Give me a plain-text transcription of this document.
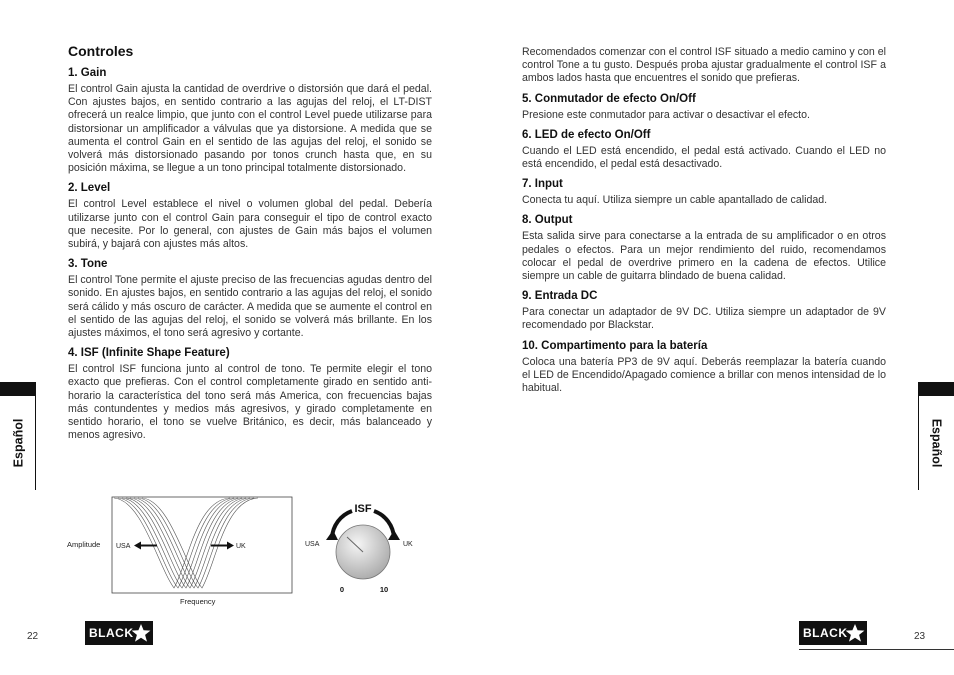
Controles
1. Gain

El control Gain ajusta la cantidad de overdrive o distorsión que dará el pedal. Con ajustes bajos, en sentido contrario a las agujas del reloj, el LT-DIST ofrecerá un realce limpio, que junto con el control Level puede utilizarse para distorsionar un amplificador a válvulas que ya distorsione. A medida que se aumenta el control Gain en el sentido de las agujas del reloj, el sonido se volverá más distorsionado pasando por tonos crunch hasta que, en su posición máxima, se llegue a un tono principal totalmente distorsionado.

2. Level

El control Level establece el nivel o volumen global del pedal. Debería utilizarse junto con el control Gain para conseguir el tipo de control exacto que necesite. Por lo general, con ajustes de Gain más bajos el volumen subirá, y bajará con ajustes más altos.

3. Tone

El control Tone permite el ajuste preciso de las frecuencias agudas dentro del sonido. En ajustes bajos, en sentido contrario a las agujas del reloj, el sonido será cálido y más oscuro de carácter. A medida que se aumente el control en el sentido de las agujas del reloj, el sonido se volverá más brillante. En los ajustes máximos, el tono será agresivo y cortante.

4. ISF (Infinite Shape Feature)

El control ISF funciona junto al control de tono. Te permite elegir el tono exacto que prefieras. Con el control completamente girado en sentido anti-horario la característica del tono será más America, con frecuencias bajas más contundentes y medios más agresivos, y girado completamente en sentido horario, el tono se vuelve Británico, es decir, más balanceado y menos agresivo.

Amplitude
Frequency
USA	UK
ISF
USA	UK
0	10

Recomendados comenzar con el control ISF situado a medio camino y con el control Tone a tu gusto. Después proba ajustar gradualmente el control ISF a ambos lados hasta que encuentres el sonido que prefieras.

5. Conmutador de efecto On/Off

Presione este conmutador para activar o desactivar el efecto.

6. LED de efecto On/Off

Cuando el LED está encendido, el pedal está activado. Cuando el LED no está encendido, el pedal está desactivado.

7. Input

Conecta tu aquí. Utiliza siempre un cable apantallado de calidad.

8. Output

Esta salida sirve para conectarse a la entrada de su amplificador o en otros pedales o efectos. Para un mejor rendimiento del ruido, recomendamos colocar el pedal de overdrive primero en la cadena de efectos. Utilice siempre un cable de guitarra blindado de buena calidad.

9. Entrada DC

Para conectar un adaptador de 9V DC. Utiliza siempre un adaptador de 9V recomendado por Blackstar.

10. Compartimento para la batería

Coloca una batería PP3 de 9V aquí. Deberás reemplazar la batería cuando el LED de Encendido/Apagado comience a brillar con menos intensidad de lo habitual.

Español	Español
22	23
BLACK	BLACK
